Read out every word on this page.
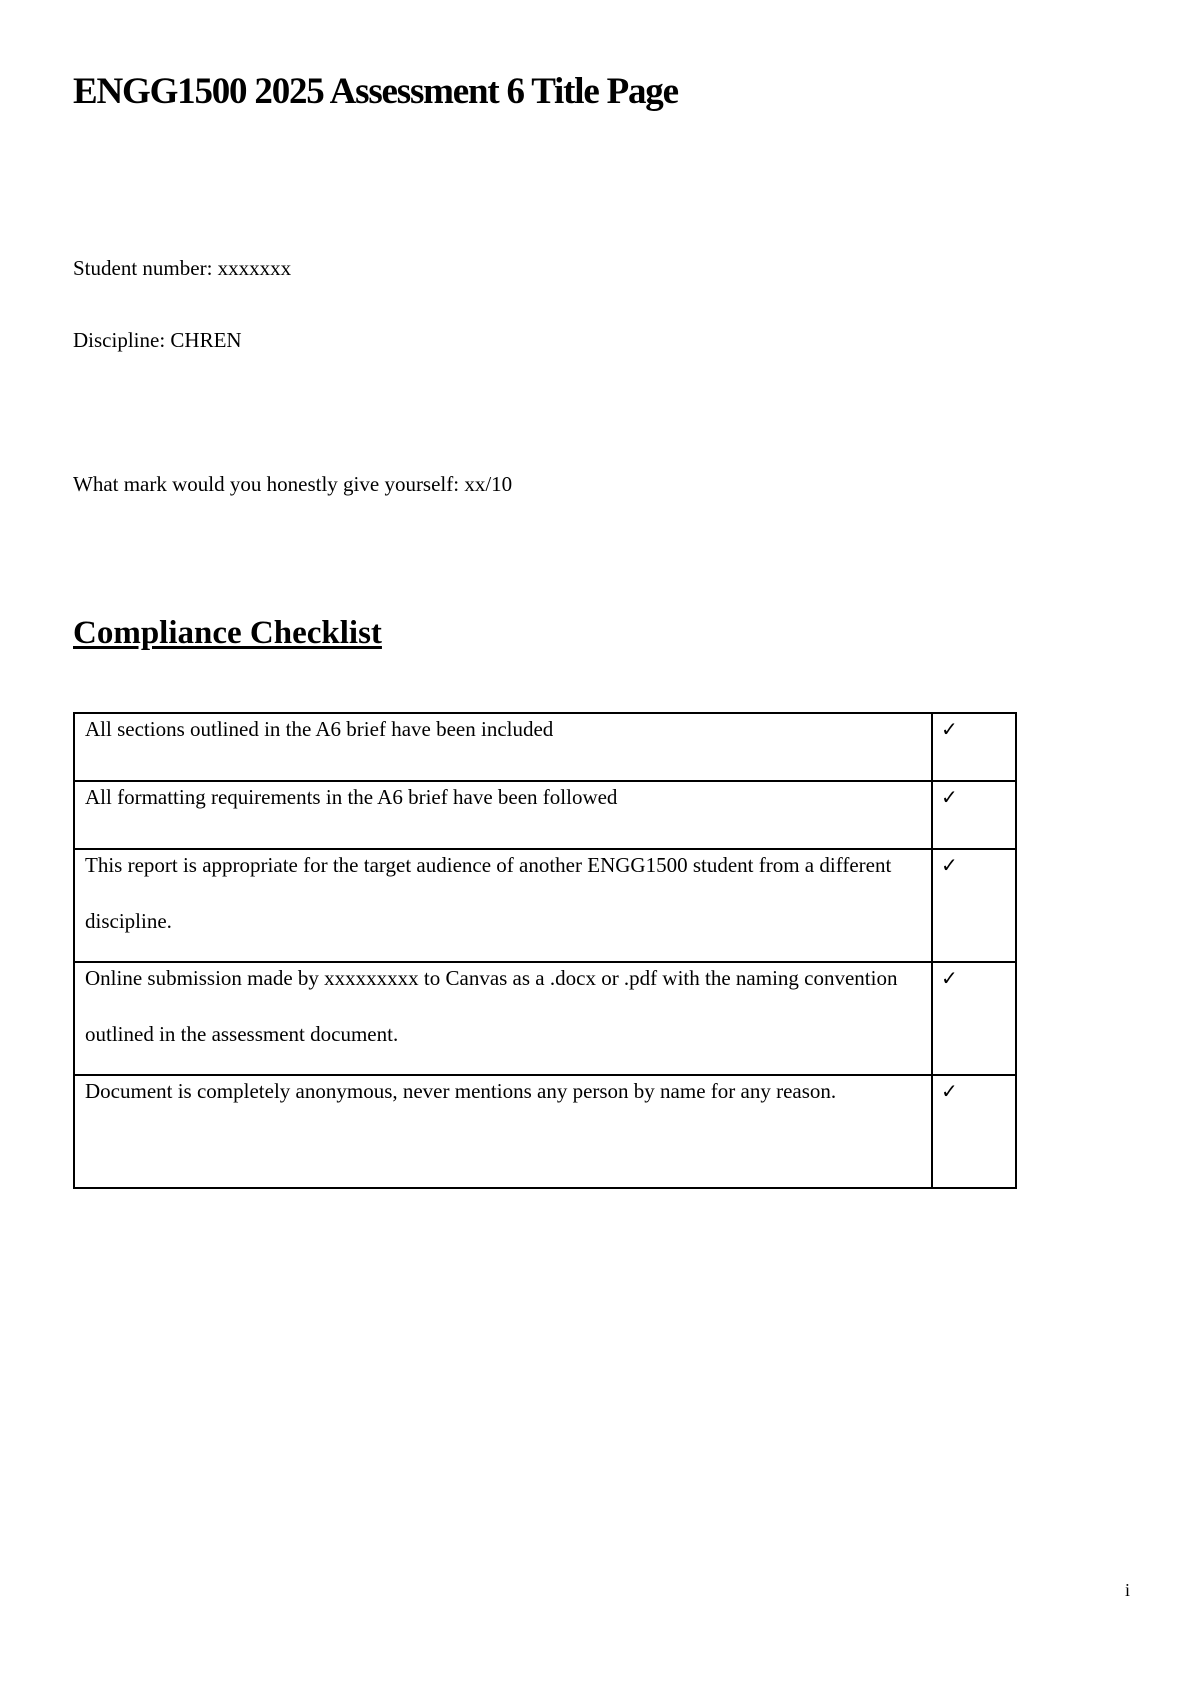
ENGG1500 2025 Assessment 6 Title Page

Student number: xxxxxxx

Discipline: CHREN

What mark would you honestly give yourself: xx/10

Compliance Checklist
All sections outlined in the A6 brief have been included	✓

All formatting requirements in the A6 brief have been followed	✓

This report is appropriate for the target audience of another ENGG1500 student from a different discipline.	✓

Online submission made by xxxxxxxxx to Canvas as a .docx or .pdf with the naming convention outlined in the assessment document.	✓

Document is completely anonymous, never mentions any person by name for any reason.	✓

i
